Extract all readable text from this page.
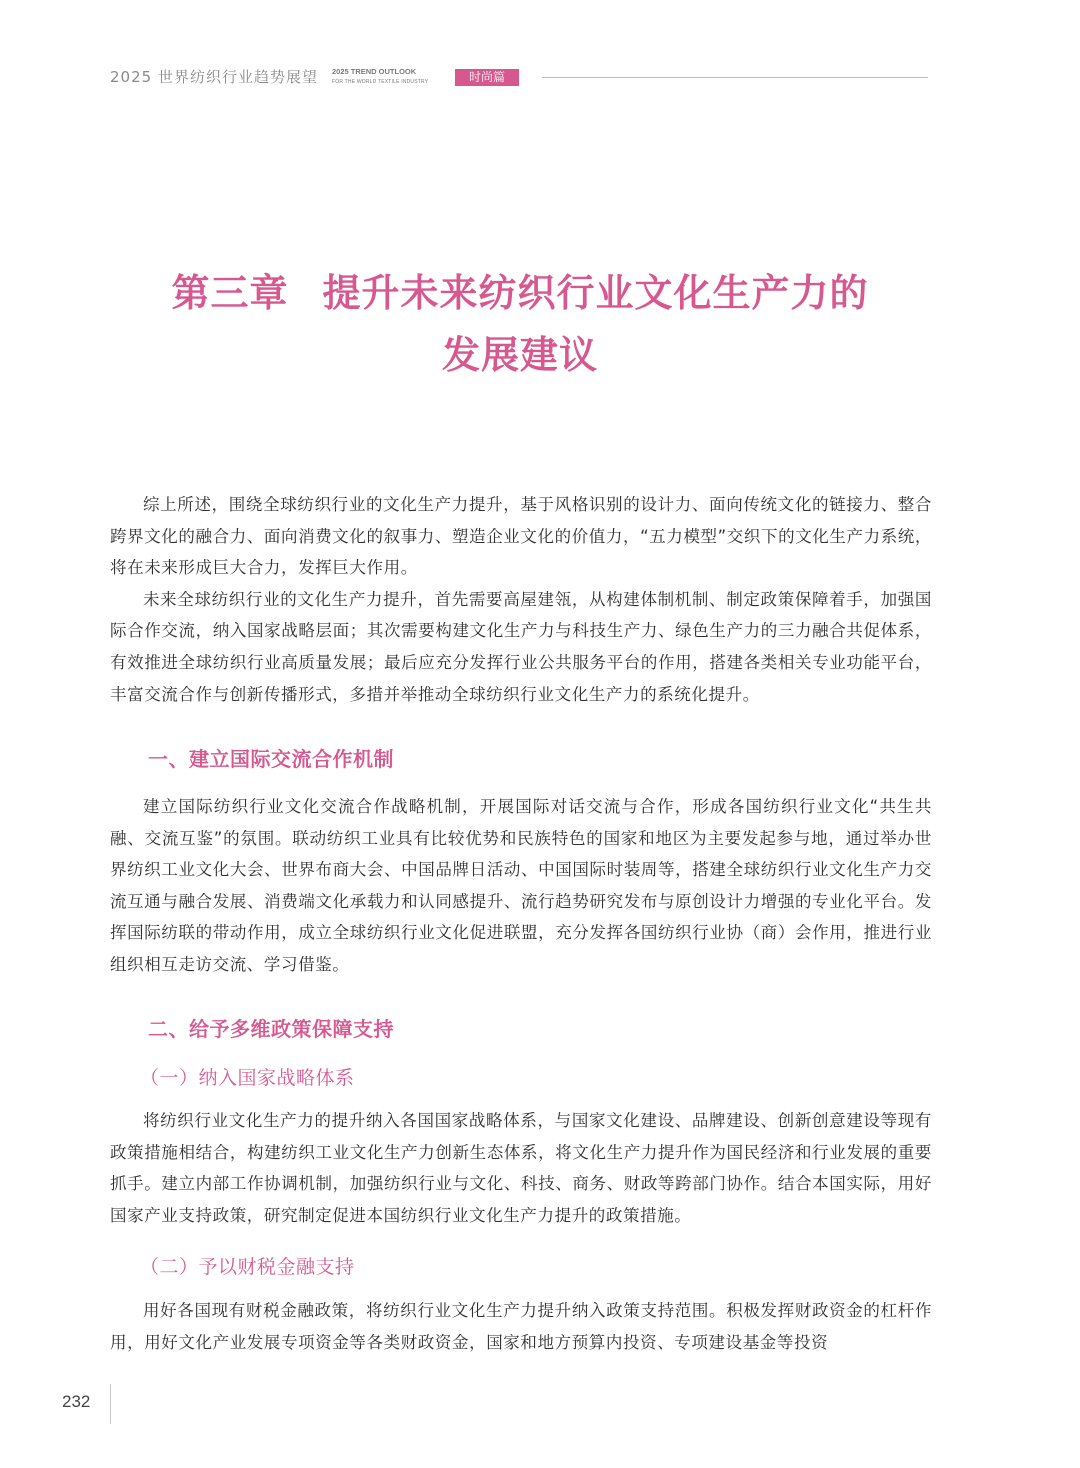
2025 世界纺织行业趋势展望 2025 TREND OUTLOOK
FOR THE WORLD TEXTILE INDUSTRY	时尚篇
第三章 提升未来纺织行业文化生产力的
发展建议

综上所述，围绕全球纺织行业的文化生产力提升，基于风格识别的设计力、面向传统文化的链接力、整合跨界文化的融合力、面向消费文化的叙事力、塑造企业文化的价值力，“五力模型”交织下的文化生产力系统，将在未来形成巨大合力，发挥巨大作用。

未来全球纺织行业的文化生产力提升，首先需要高屋建瓴，从构建体制机制、制定政策保障着手，加强国际合作交流，纳入国家战略层面；其次需要构建文化生产力与科技生产力、绿色生产力的三力融合共促体系，有效推进全球纺织行业高质量发展；最后应充分发挥行业公共服务平台的作用，搭建各类相关专业功能平台，丰富交流合作与创新传播形式，多措并举推动全球纺织行业文化生产力的系统化提升。

一、建立国际交流合作机制

建立国际纺织行业文化交流合作战略机制，开展国际对话交流与合作，形成各国纺织行业文化“共生共融、交流互鉴”的氛围。联动纺织工业具有比较优势和民族特色的国家和地区为主要发起参与地，通过举办世界纺织工业文化大会、世界布商大会、中国品牌日活动、中国国际时装周等，搭建全球纺织行业文化生产力交流互通与融合发展、消费端文化承载力和认同感提升、流行趋势研究发布与原创设计力增强的专业化平台。发挥国际纺联的带动作用，成立全球纺织行业文化促进联盟，充分发挥各国纺织行业协（商）会作用，推进行业组织相互走访交流、学习借鉴。

二、给予多维政策保障支持
（一）纳入国家战略体系

将纺织行业文化生产力的提升纳入各国国家战略体系，与国家文化建设、品牌建设、创新创意建设等现有政策措施相结合，构建纺织工业文化生产力创新生态体系，将文化生产力提升作为国民经济和行业发展的重要抓手。建立内部工作协调机制，加强纺织行业与文化、科技、商务、财政等跨部门协作。结合本国实际，用好国家产业支持政策，研究制定促进本国纺织行业文化生产力提升的政策措施。

（二）予以财税金融支持

用好各国现有财税金融政策，将纺织行业文化生产力提升纳入政策支持范围。积极发挥财政资金的杠杆作用，用好文化产业发展专项资金等各类财政资金，国家和地方预算内投资、专项建设基金等投资

232
